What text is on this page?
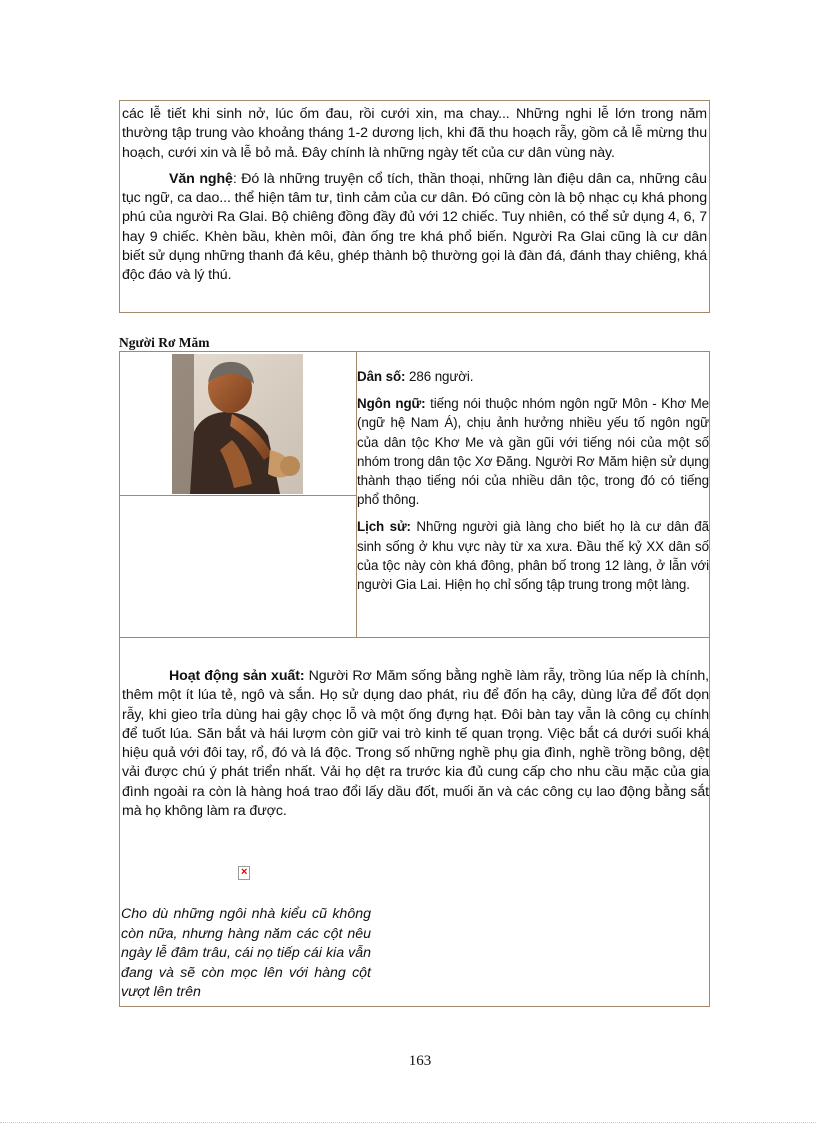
các lễ tiết khi sinh nở, lúc ốm đau, rồi cưới xin, ma chay... Những nghi lễ lớn trong năm thường tập trung vào khoảng tháng 1-2 dương lịch, khi đã thu hoạch rẫy, gồm cả lễ mừng thu hoạch, cưới xin và lễ bỏ mả. Đây chính là những ngày tết của cư dân vùng này.

Văn nghệ: Đó là những truyện cổ tích, thần thoại, những làn điệu dân ca, những câu tục ngữ, ca dao... thể hiện tâm tư, tình cảm của cư dân. Đó cũng còn là bộ nhạc cụ khá phong phú của người Ra Glai. Bộ chiêng đồng đầy đủ với 12 chiếc. Tuy nhiên, có thể sử dụng 4, 6, 7 hay 9 chiếc. Khèn bầu, khèn môi, đàn ống tre khá phổ biến. Người Ra Glai cũng là cư dân biết sử dụng những thanh đá kêu, ghép thành bộ thường gọi là đàn đá, đánh thay chiêng, khá độc đáo và lý thú.

Người Rơ Măm

Dân số: 286 người.

Ngôn ngữ: tiếng nói thuộc nhóm ngôn ngữ Môn - Khơ Me (ngữ hệ Nam Á), chịu ảnh hưởng nhiều yếu tố ngôn ngữ của dân tộc Khơ Me và gần gũi với tiếng nói của một số nhóm trong dân tộc Xơ Đăng. Người Rơ Măm hiện sử dụng thành thạo tiếng nói của nhiều dân tộc, trong đó có tiếng phổ thông.

Lịch sử: Những người già làng cho biết họ là cư dân đã sinh sống ở khu vực này từ xa xưa. Đầu thế kỷ XX dân số của tộc này còn khá đông, phân bố trong 12 làng, ở lẫn với người Gia Lai. Hiện họ chỉ sống tập trung trong một làng.

Hoạt động sản xuất: Người Rơ Măm sống bằng nghề làm rẫy, trồng lúa nếp là chính, thêm một ít lúa tẻ, ngô và sắn. Họ sử dụng dao phát, rìu để đốn hạ cây, dùng lửa để đốt dọn rẫy, khi gieo trỉa dùng hai gậy chọc lỗ và một ống đựng hạt. Đôi bàn tay vẫn là công cụ chính để tuốt lúa. Săn bắt và hái lượm còn giữ vai trò kinh tế quan trọng. Việc bắt cá dưới suối khá hiệu quả với đôi tay, rổ, đó và lá độc. Trong số những nghề phụ gia đình, nghề trồng bông, dệt vải được chú ý phát triển nhất. Vải họ dệt ra trước kia đủ cung cấp cho nhu cầu mặc của gia đình ngoài ra còn là hàng hoá trao đổi lấy dầu đốt, muối ăn và các công cụ lao động bằng sắt mà họ không làm ra được.

×

Cho dù những ngôi nhà kiểu cũ không còn nữa, nhưng hàng năm các cột nêu ngày lễ đâm trâu, cái nọ tiếp cái kia vẫn đang và sẽ còn mọc lên với hàng cột vượt lên trên

163
